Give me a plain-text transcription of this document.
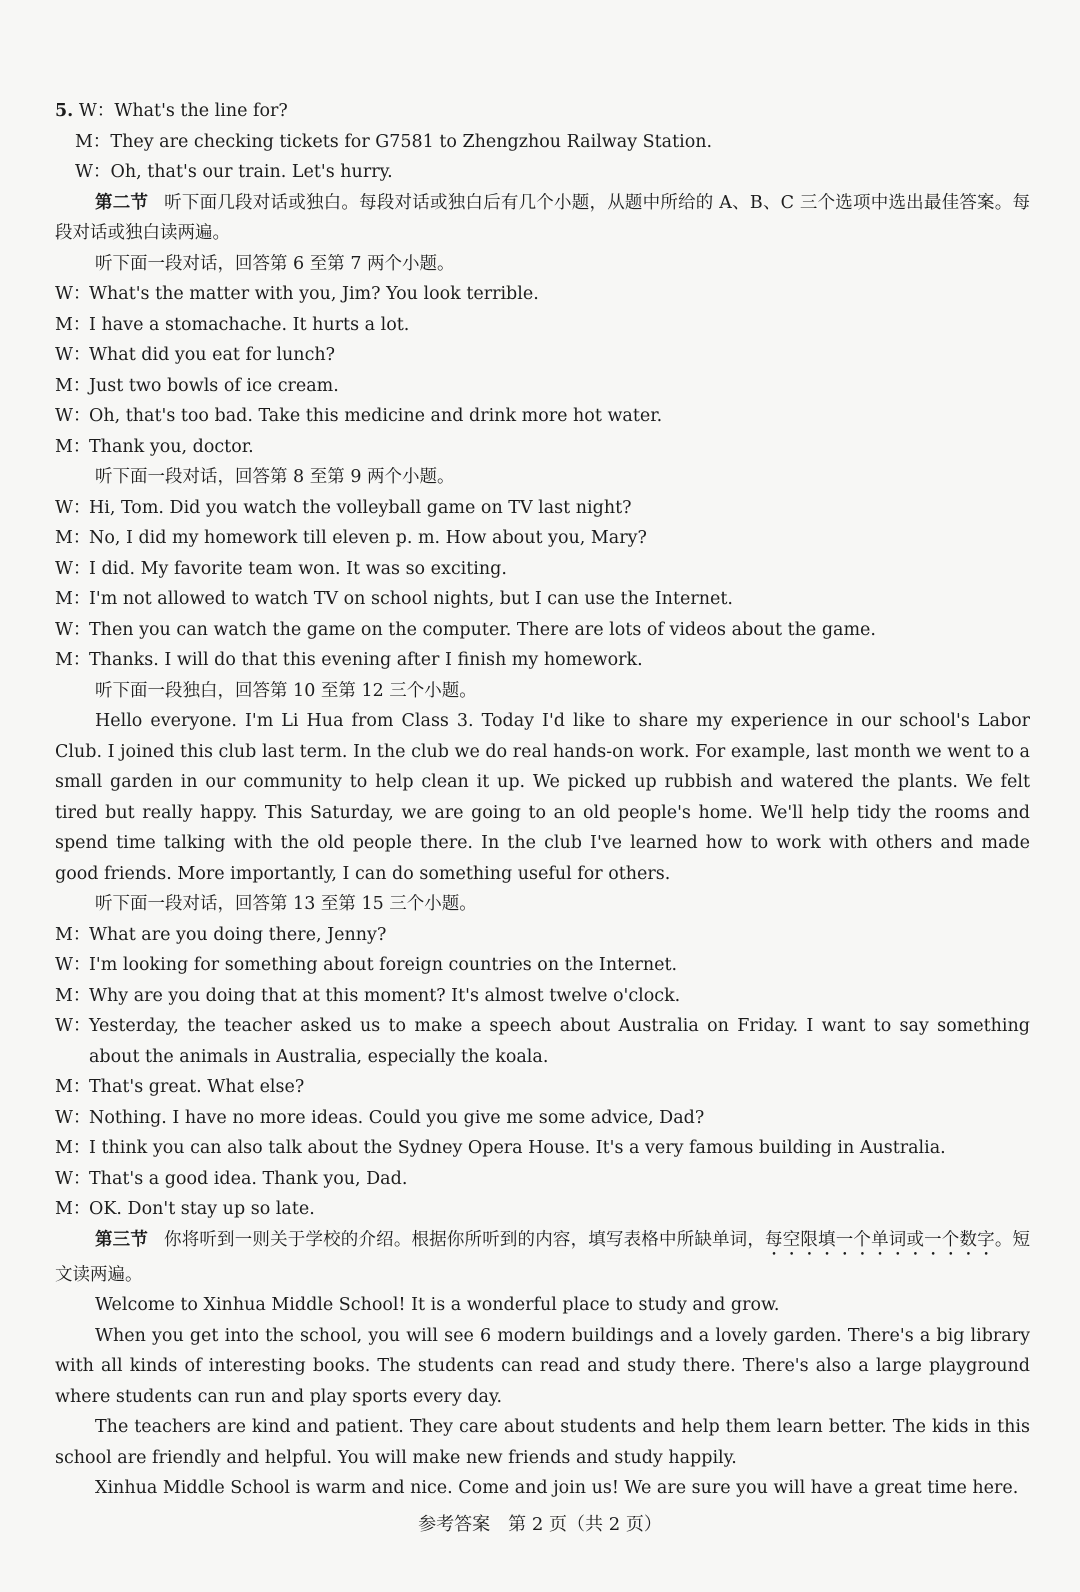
5. W：What's the line for?
M：They are checking tickets for G7581 to Zhengzhou Railway Station.
W：Oh, that's our train. Let's hurry.
第二节 听下面几段对话或独白。每段对话或独白后有几个小题，从题中所给的 A、B、C 三个选项中选出最佳答案。每段对话或独白读两遍。
听下面一段对话，回答第 6 至第 7 两个小题。
W：
What's the matter with you, Jim? You look terrible.
M：
I have a stomachache. It hurts a lot.
W：
What did you eat for lunch?
M：
Just two bowls of ice cream.
W：
Oh, that's too bad. Take this medicine and drink more hot water.
M：
Thank you, doctor.
听下面一段对话，回答第 8 至第 9 两个小题。
W：
Hi, Tom. Did you watch the volleyball game on TV last night?
M：
No, I did my homework till eleven p. m. How about you, Mary?
W：
I did. My favorite team won. It was so exciting.
M：
I'm not allowed to watch TV on school nights, but I can use the Internet.
W：
Then you can watch the game on the computer. There are lots of videos about the game.
M：
Thanks. I will do that this evening after I finish my homework.
听下面一段独白，回答第 10 至第 12 三个小题。
Hello everyone. I'm Li Hua from Class 3. Today I'd like to share my experience in our school's Labor Club. I joined this club last term. In the club we do real hands-on work. For example, last month we went to a small garden in our community to help clean it up. We picked up rubbish and watered the plants. We felt tired but really happy. This Saturday, we are going to an old people's home. We'll help tidy the rooms and spend time talking with the old people there. In the club I've learned how to work with others and made good friends. More importantly, I can do something useful for others.
听下面一段对话，回答第 13 至第 15 三个小题。
M：
What are you doing there, Jenny?
W：
I'm looking for something about foreign countries on the Internet.
M：
Why are you doing that at this moment? It's almost twelve o'clock.
W：
Yesterday, the teacher asked us to make a speech about Australia on Friday. I want to say something about the animals in Australia, especially the koala.
M：
That's great. What else?
W：
Nothing. I have no more ideas. Could you give me some advice, Dad?
M：
I think you can also talk about the Sydney Opera House. It's a very famous building in Australia.
W：
That's a good idea. Thank you, Dad.
M：
OK. Don't stay up so late.
第三节 你将听到一则关于学校的介绍。根据你所听到的内容，填写表格中所缺单词，每空限填一个单词或一个数字。短文读两遍。
Welcome to Xinhua Middle School! It is a wonderful place to study and grow.
When you get into the school, you will see 6 modern buildings and a lovely garden. There's a big library with all kinds of interesting books. The students can read and study there. There's also a large playground where students can run and play sports every day.
The teachers are kind and patient. They care about students and help them learn better. The kids in this school are friendly and helpful. You will make new friends and study happily.
Xinhua Middle School is warm and nice. Come and join us! We are sure you will have a great time here.
参考答案　第 2 页（共 2 页）
